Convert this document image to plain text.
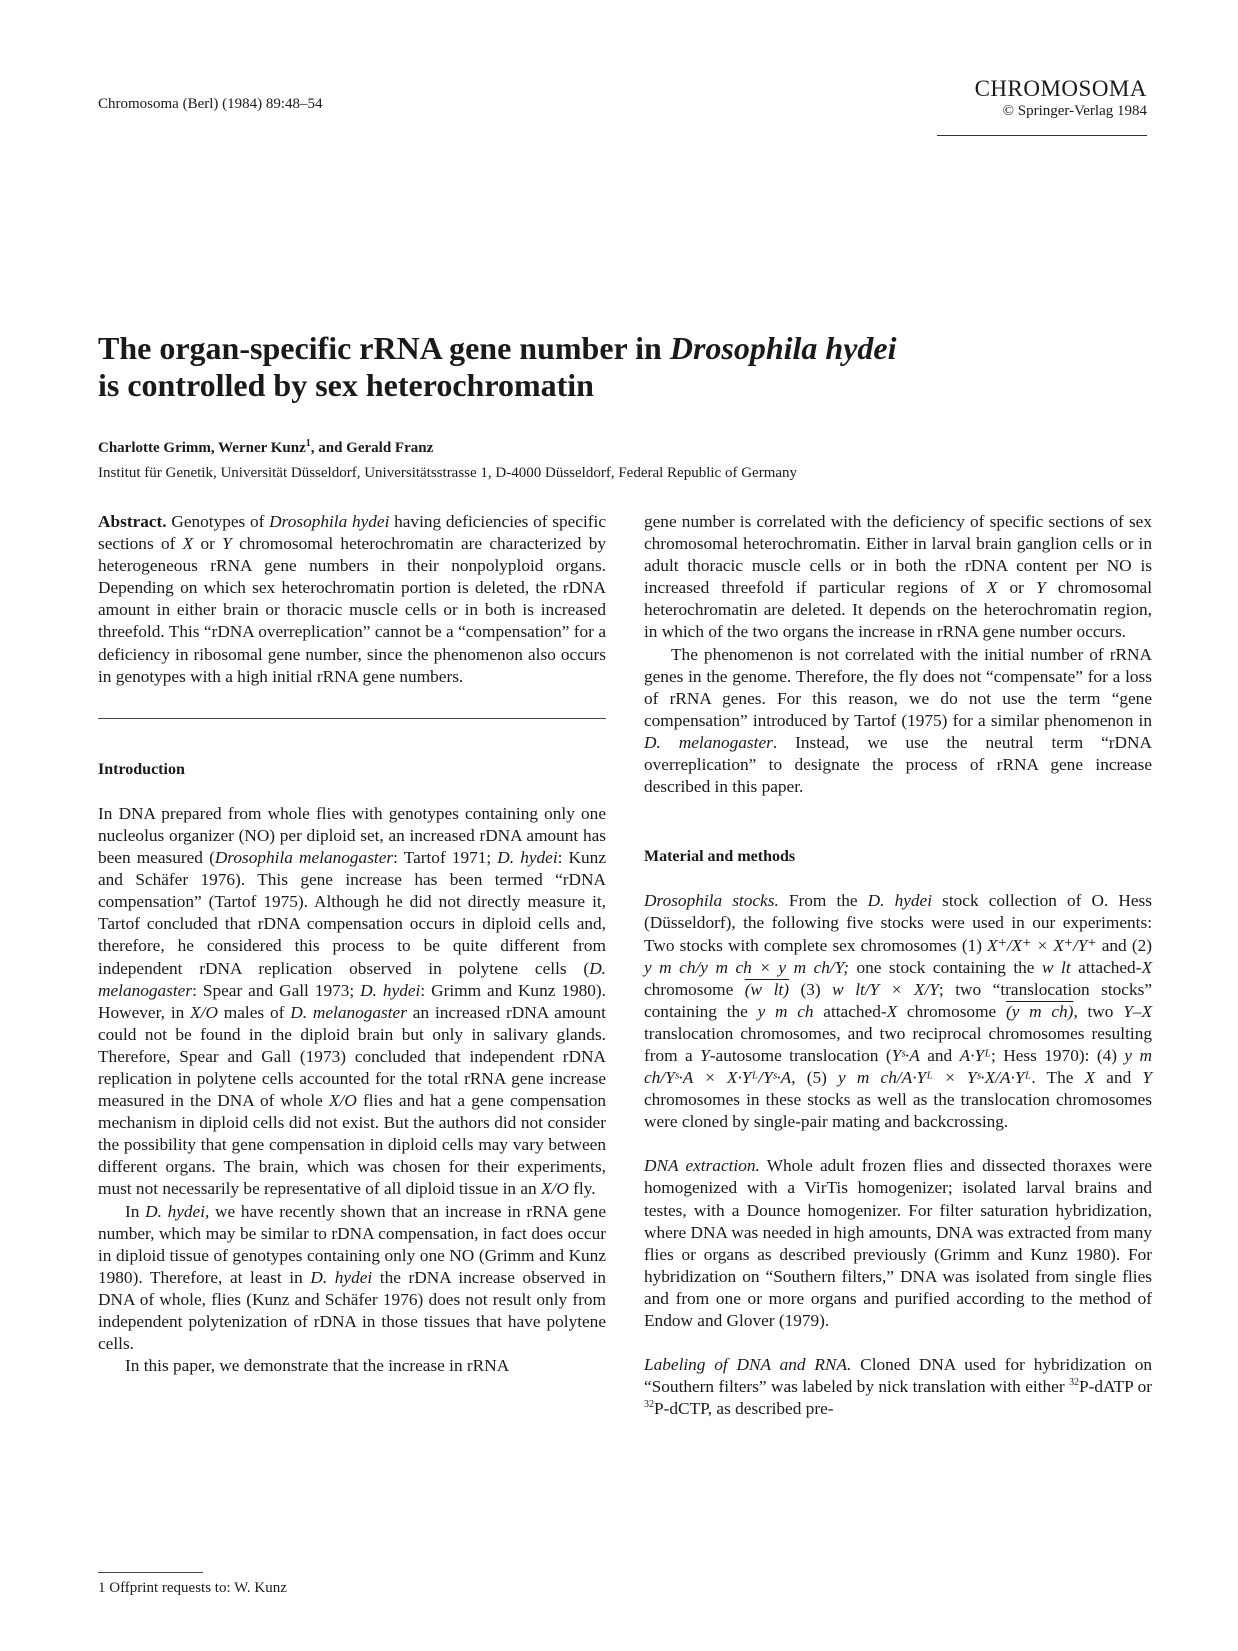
Chromosoma (Berl) (1984) 89:48–54
CHROMOSOMA
© Springer-Verlag 1984
The organ-specific rRNA gene number in Drosophila hydei
is controlled by sex heterochromatin
Charlotte Grimm, Werner Kunz$^1$, and Gerald Franz
Institut für Genetik, Universität Düsseldorf, Universitätsstrasse 1, D-4000 Düsseldorf, Federal Republic of Germany

Abstract. Genotypes of Drosophila hydei having deficiencies of specific sections of X or Y chromosomal heterochromatin are characterized by heterogeneous rRNA gene numbers in their nonpolyploid organs. Depending on which sex heterochromatin portion is deleted, the rDNA amount in either brain or thoracic muscle cells or in both is increased threefold. This “rDNA overreplication” cannot be a “compensation” for a deficiency in ribosomal gene number, since the phenomenon also occurs in genotypes with a high initial rRNA gene numbers.

Introduction

In DNA prepared from whole flies with genotypes containing only one nucleolus organizer (NO) per diploid set, an increased rDNA amount has been measured (Drosophila melanogaster: Tartof 1971; D. hydei: Kunz and Schäfer 1976). This gene increase has been termed “rDNA compensation” (Tartof 1975). Although he did not directly measure it, Tartof concluded that rDNA compensation occurs in diploid cells and, therefore, he considered this process to be quite different from independent rDNA replication observed in polytene cells (D. melanogaster: Spear and Gall 1973; D. hydei: Grimm and Kunz 1980). However, in X/O males of D. melanogaster an increased rDNA amount could not be found in the diploid brain but only in salivary glands. Therefore, Spear and Gall (1973) concluded that independent rDNA replication in polytene cells accounted for the total rRNA gene increase measured in the DNA of whole X/O flies and hat a gene compensation mechanism in diploid cells did not exist. But the authors did not consider the possibility that gene compensation in diploid cells may vary between different organs. The brain, which was chosen for their experiments, must not necessarily be representative of all diploid tissue in an X/O fly.

In D. hydei, we have recently shown that an increase in rRNA gene number, which may be similar to rDNA compensation, in fact does occur in diploid tissue of genotypes containing only one NO (Grimm and Kunz 1980). Therefore, at least in D. hydei the rDNA increase observed in DNA of whole, flies (Kunz and Schäfer 1976) does not result only from independent polytenization of rDNA in those tissues that have polytene cells.

In this paper, we demonstrate that the increase in rRNA

gene number is correlated with the deficiency of specific sections of sex chromosomal heterochromatin. Either in larval brain ganglion cells or in adult thoracic muscle cells or in both the rDNA content per NO is increased threefold if particular regions of X or Y chromosomal heterochromatin are deleted. It depends on the heterochromatin region, in which of the two organs the increase in rRNA gene number occurs.

The phenomenon is not correlated with the initial number of rRNA genes in the genome. Therefore, the fly does not “compensate” for a loss of rRNA genes. For this reason, we do not use the term “gene compensation” introduced by Tartof (1975) for a similar phenomenon in D. melanogaster. Instead, we use the neutral term “rDNA overreplication” to designate the process of rRNA gene increase described in this paper.

Material and methods

Drosophila stocks. From the D. hydei stock collection of O. Hess (Düsseldorf), the following five stocks were used in our experiments: Two stocks with complete sex chromosomes (1) X⁺/X⁺ × X⁺/Y⁺ and (2) y m ch/y m ch × y m ch/Y; one stock containing the w lt attached-X chromosome (w lt) (3) w lt/Y × X/Y; two “translocation stocks” containing the y m ch attached-X chromosome (y m ch), two Y–X translocation chromosomes, and two reciprocal chromosomes resulting from a Y-autosome translocation (Yˢ·A and A·Yᴸ; Hess 1970): (4) y m ch/Yˢ·A × X·Yᴸ/Yˢ·A, (5) y m ch/A·Yᴸ × Yˢ·X/A·Yᴸ. The X and Y chromosomes in these stocks as well as the translocation chromosomes were cloned by single-pair mating and backcrossing.

DNA extraction. Whole adult frozen flies and dissected thoraxes were homogenized with a VirTis homogenizer; isolated larval brains and testes, with a Dounce homogenizer. For filter saturation hybridization, where DNA was needed in high amounts, DNA was extracted from many flies or organs as described previously (Grimm and Kunz 1980). For hybridization on “Southern filters,” DNA was isolated from single flies and from one or more organs and purified according to the method of Endow and Glover (1979).

Labeling of DNA and RNA. Cloned DNA used for hybridization on “Southern filters” was labeled by nick translation with either $^{32}$P-dATP or $^{32}$P-dCTP, as described pre-

1 Offprint requests to: W. Kunz
